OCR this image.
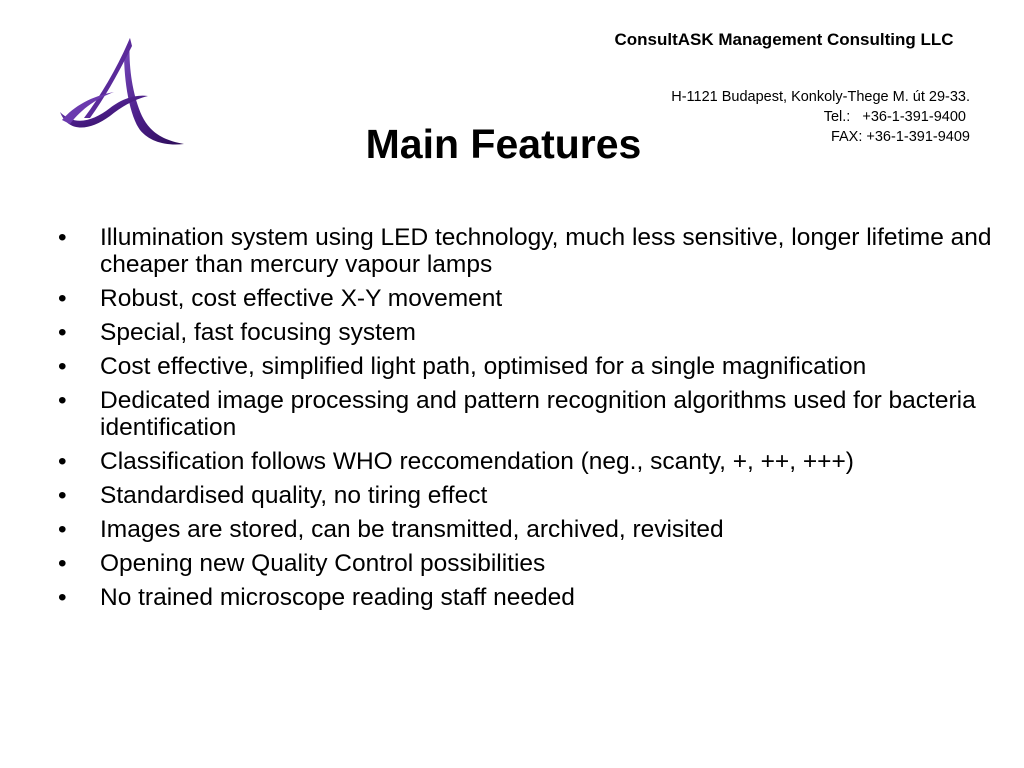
ConsultASK Management Consulting LLC
H-1121 Budapest, Konkoly-Thege M. út 29-33.
Tel.:   +36-1-391-9400
FAX: +36-1-391-9409
Main Features
• Illumination system using LED technology, much less sensitive, longer lifetime and cheaper than mercury vapour lamps
• Robust, cost effective X-Y movement
• Special, fast focusing system
• Cost effective, simplified light path, optimised for a single magnification
• Dedicated image processing and pattern recognition algorithms used for bacteria identification
• Classification follows WHO reccomendation (neg., scanty, +, ++, +++)
• Standardised quality, no tiring effect
• Images are stored, can be transmitted, archived, revisited
• Opening new Quality Control possibilities
• No trained microscope reading staff needed
